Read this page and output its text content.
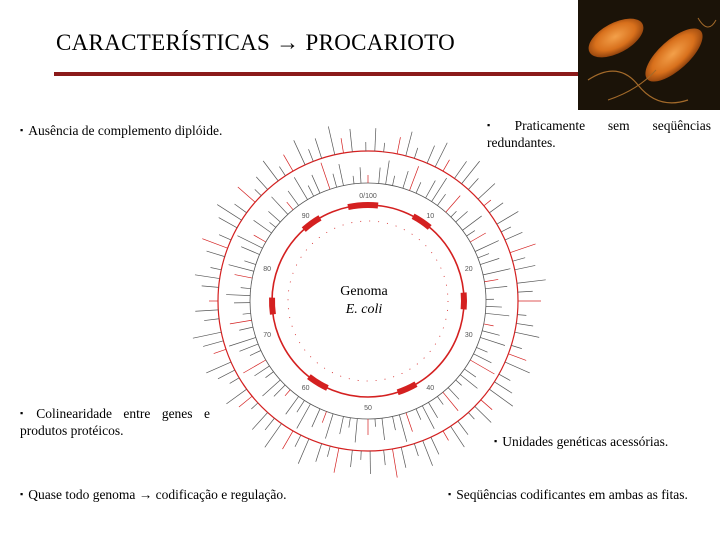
CARACTERÍSTICAS → PROCARIOTO
0/100
10
20
30
40
50
60
70
80
90
Genoma
E. coli
▪ Ausência de complemento diplóide.	▪ Praticamente sem seqüências redundantes.
▪ Colinearidade entre genes e produtos protéicos.
▪ Unidades genéticas acessórias.
▪ Quase todo genoma → codificação e regulação.	▪ Seqüências codificantes em ambas as fitas.
